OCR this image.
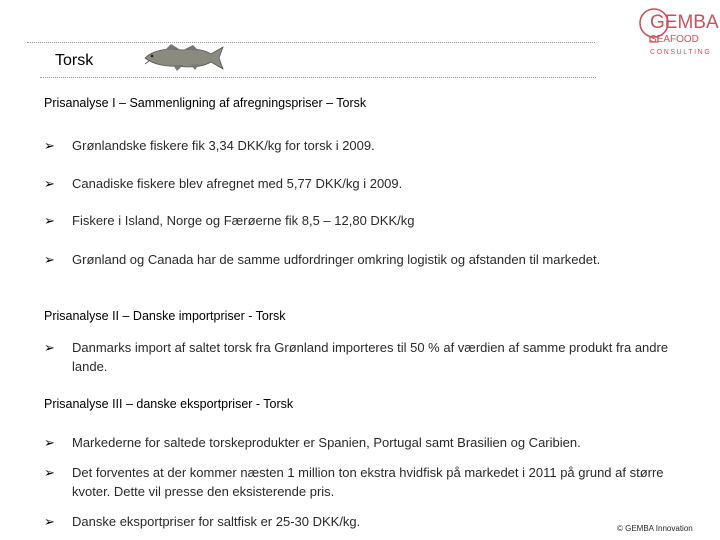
Torsk
GEMBA
SEAFOOD
CONSULTING
Prisanalyse I – Sammenligning af afregningspriser – Torsk
➢ Grønlandske fiskere fik 3,34 DKK/kg for torsk i 2009.
➢ Canadiske fiskere blev afregnet med 5,77 DKK/kg i 2009.
➢ Fiskere i Island, Norge og Færøerne fik 8,5 – 12,80 DKK/kg
➢ Grønland og Canada har de samme udfordringer omkring logistik og afstanden til markedet.
Prisanalyse II – Danske importpriser - Torsk
➢ Danmarks import af saltet torsk fra Grønland importeres til 50 % af værdien af samme produkt fra andre lande.
Prisanalyse III – danske eksportpriser - Torsk
➢ Markederne for saltede torskeprodukter er Spanien, Portugal samt Brasilien og Caribien.
➢ Det forventes at der kommer næsten 1 million ton ekstra hvidfisk på markedet i 2011 på grund af større kvoter. Dette vil presse den eksisterende pris.
➢ Danske eksportpriser for saltfisk er 25-30 DKK/kg.	© GEMBA Innovation
